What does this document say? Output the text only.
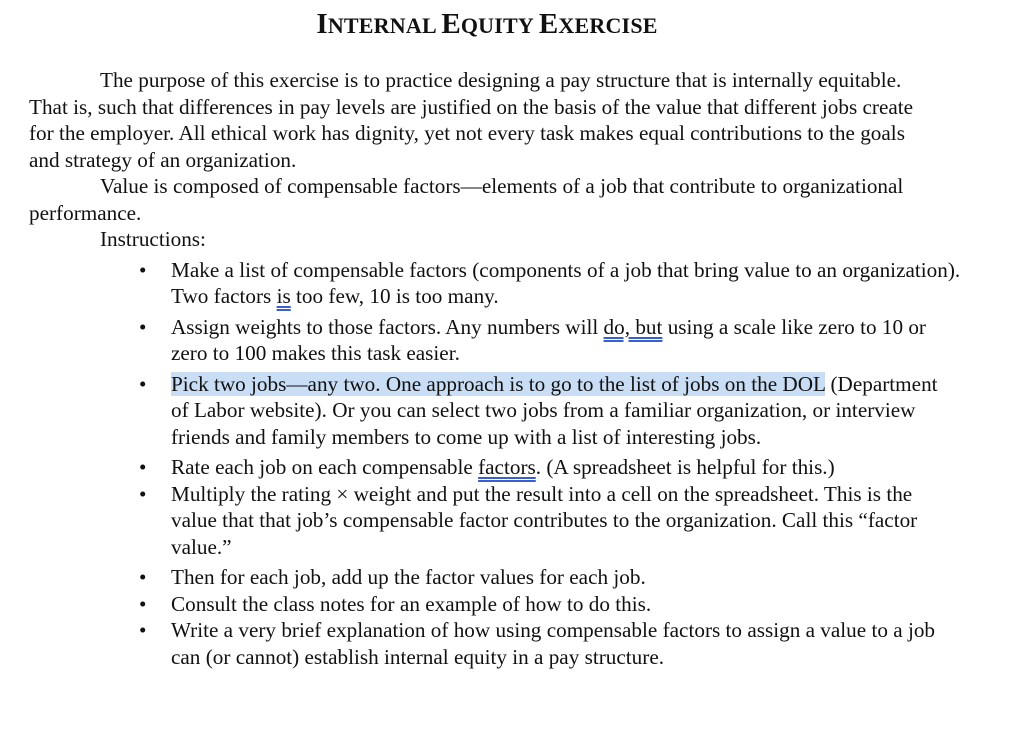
INTERNAL EQUITY EXERCISE

The purpose of this exercise is to practice designing a pay structure that is internally equitable. That is, such that differences in pay levels are justified on the basis of the value that different jobs create for the employer. All ethical work has dignity, yet not every task makes equal contributions to the goals and strategy of an organization.

Value is composed of compensable factors—elements of a job that contribute to organizational performance.

Instructions:

• Make a list of compensable factors (components of a job that bring value to an organization). Two factors is too few, 10 is too many.
• Assign weights to those factors. Any numbers will do, but using a scale like zero to 10 or zero to 100 makes this task easier.
• Pick two jobs—any two. One approach is to go to the list of jobs on the DOL (Department of Labor website). Or you can select two jobs from a familiar organization, or interview friends and family members to come up with a list of interesting jobs.
• Rate each job on each compensable factors. (A spreadsheet is helpful for this.)
• Multiply the rating × weight and put the result into a cell on the spreadsheet. This is the value that that job’s compensable factor contributes to the organization. Call this “factor value.”
• Then for each job, add up the factor values for each job.
• Consult the class notes for an example of how to do this.
• Write a very brief explanation of how using compensable factors to assign a value to a job can (or cannot) establish internal equity in a pay structure.
